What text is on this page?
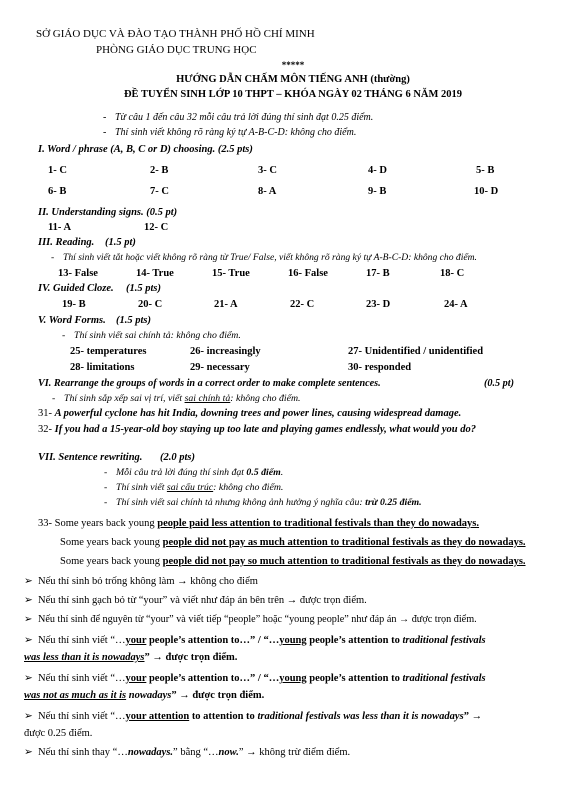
SỞ GIÁO DỤC VÀ ĐÀO TẠO THÀNH PHỐ HỒ CHÍ MINH
PHÒNG GIÁO DỤC TRUNG HỌC
*****
HƯỚNG DẪN CHẤM MÔN TIẾNG ANH (thường)
ĐỀ TUYỂN SINH LỚP 10 THPT – KHÓA NGÀY 02 THÁNG 6 NĂM 2019
- Từ câu 1 đến câu 32 mỗi câu trả lời đúng thí sinh đạt 0.25 điểm.
- Thí sinh viết không rõ ràng ký tự A-B-C-D: không cho điểm.
I. Word / phrase (A, B, C or D) choosing. (2.5 pts)
1- C	2- B	3- C	4- D	5- B
6- B	7- C	8- A	9- B	10- D
II. Understanding signs. (0.5 pt)
11- A	12- C
III. Reading. (1.5 pt)
- Thí sinh viết tắt hoặc viết không rõ ràng từ True/ False, viết không rõ ràng ký tự A-B-C-D: không cho điểm.
13- False	14- True	15- True	16- False	17- B	18- C
IV. Guided Cloze. (1.5 pts)
19- B	20- C	21- A	22- C	23- D	24- A
V. Word Forms. (1.5 pts)
- Thí sinh viết sai chính tả: không cho điểm.
25- temperatures	26- increasingly	27- Unidentified / unidentified
28- limitations	29- necessary	30- responded
VI. Rearrange the groups of words in a correct order to make complete sentences.	(0.5 pt)
- Thí sinh sắp xếp sai vị trí, viết sai chính tả: không cho điểm.
31- A powerful cyclone has hit India, downing trees and power lines, causing widespread damage.
32- If you had a 15-year-old boy staying up too late and playing games endlessly, what would you do?
VII. Sentence rewriting. (2.0 pts)
- Mỗi câu trả lời đúng thí sinh đạt 0.5 điểm.
- Thí sinh viết sai cấu trúc: không cho điểm.
- Thí sinh viết sai chính tả nhưng không ảnh hưởng ý nghĩa câu: trừ 0.25 điểm.
33- Some years back young people paid less attention to traditional festivals than they do nowadays.
Some years back young people did not pay as much attention to traditional festivals as they do nowadays.
Some years back young people did not pay so much attention to traditional festivals as they do nowadays.
➢ Nếu thí sinh bỏ trống không làm → không cho điểm
➢ Nếu thí sinh gạch bỏ từ “your” và viết như đáp án bên trên → được trọn điểm.
➢ Nếu thí sinh để nguyên từ “your” và viết tiếp “people” hoặc “young people” như đáp án → được trọn điểm.
➢ Nếu thí sinh viết “…your people’s attention to…” / “…young people’s attention to traditional festivals
was less than it is nowadays” → được trọn điểm.
➢ Nếu thí sinh viết “…your people’s attention to…” / “…young people’s attention to traditional festivals
was not as much as it is nowadays” → được trọn điểm.
➢ Nếu thí sinh viết “…your attention to attention to traditional festivals was less than it is nowadays” →
được 0.25 điểm.
➢ Nếu thí sinh thay “…nowadays.” bằng “…now.” → không trừ điểm điểm.
